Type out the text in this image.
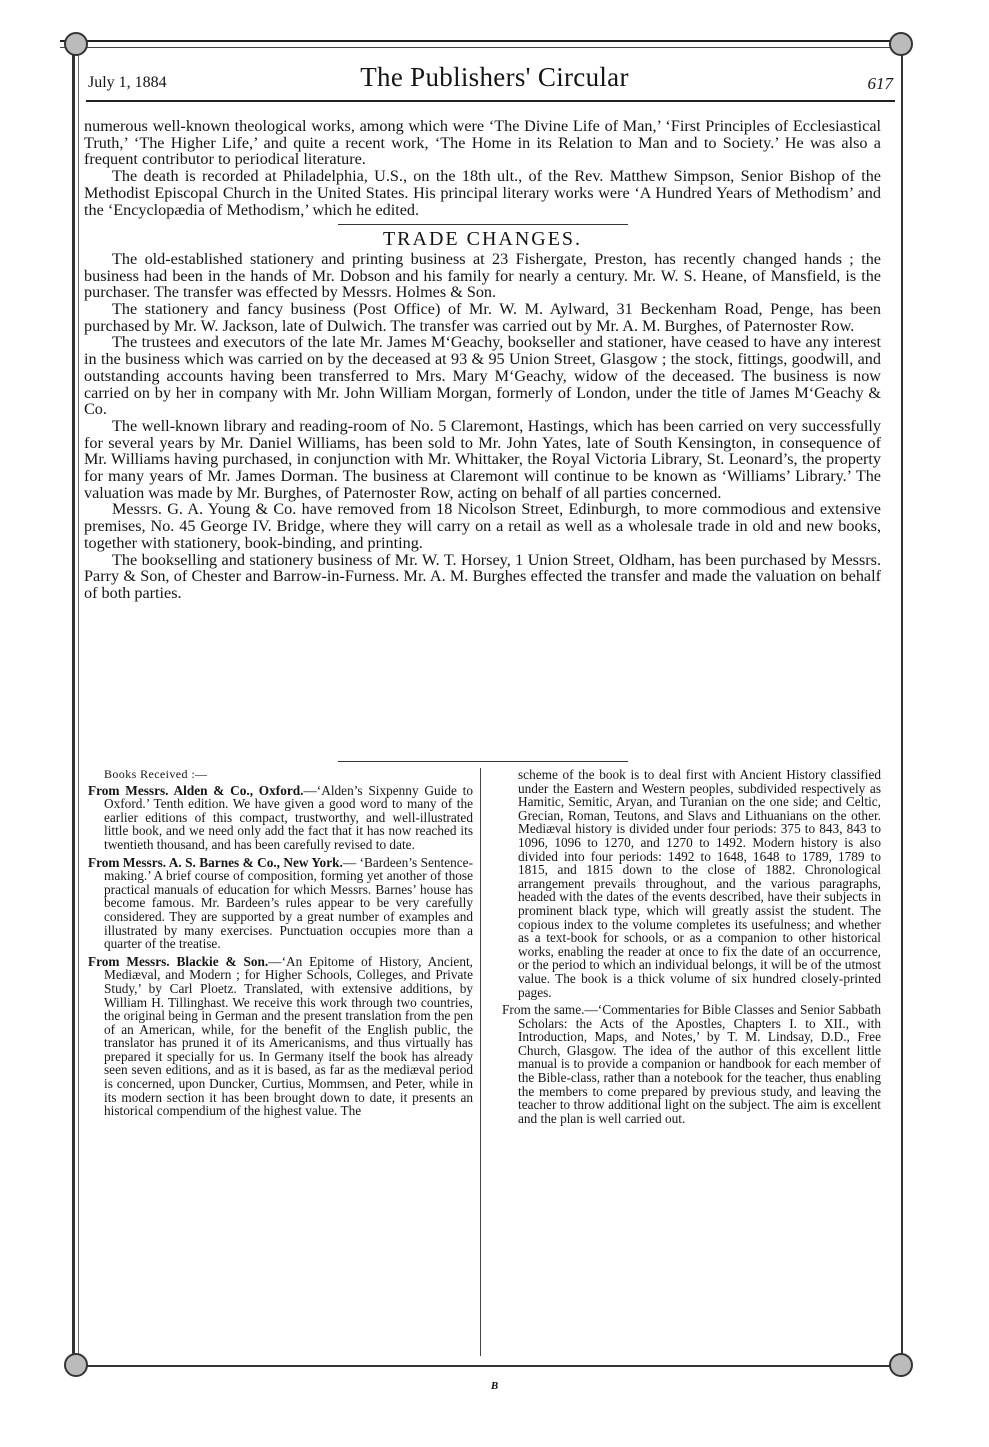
July 1, 1884	The Publishers' Circular	617

numerous well-known theological works, among which were ‘The Divine Life of Man,’ ‘First Principles of Ecclesiastical Truth,’ ‘The Higher Life,’ and quite a recent work, ‘The Home in its Relation to Man and to Society.’ He was also a frequent contributor to periodical literature.

The death is recorded at Philadelphia, U.S., on the 18th ult., of the Rev. Matthew Simpson, Senior Bishop of the Methodist Episcopal Church in the United States. His principal literary works were ‘A Hundred Years of Methodism’ and the ‘Encyclopædia of Methodism,’ which he edited.

TRADE CHANGES.

The old-established stationery and printing business at 23 Fishergate, Preston, has recently changed hands ; the business had been in the hands of Mr. Dobson and his family for nearly a century. Mr. W. S. Heane, of Mansfield, is the purchaser. The transfer was effected by Messrs. Holmes & Son.

The stationery and fancy business (Post Office) of Mr. W. M. Aylward, 31 Beckenham Road, Penge, has been purchased by Mr. W. Jackson, late of Dulwich. The transfer was carried out by Mr. A. M. Burghes, of Paternoster Row.

The trustees and executors of the late Mr. James M‘Geachy, bookseller and stationer, have ceased to have any interest in the business which was carried on by the deceased at 93 & 95 Union Street, Glasgow ; the stock, fittings, goodwill, and outstanding accounts having been transferred to Mrs. Mary M‘Geachy, widow of the deceased. The business is now carried on by her in company with Mr. John William Morgan, formerly of London, under the title of James M‘Geachy & Co.

The well-known library and reading-room of No. 5 Claremont, Hastings, which has been carried on very successfully for several years by Mr. Daniel Williams, has been sold to Mr. John Yates, late of South Kensington, in consequence of Mr. Williams having purchased, in conjunction with Mr. Whittaker, the Royal Victoria Library, St. Leonard’s, the property for many years of Mr. James Dorman. The business at Claremont will continue to be known as ‘Williams’ Library.’ The valuation was made by Mr. Burghes, of Paternoster Row, acting on behalf of all parties concerned.

Messrs. G. A. Young & Co. have removed from 18 Nicolson Street, Edinburgh, to more commodious and extensive premises, No. 45 George IV. Bridge, where they will carry on a retail as well as a wholesale trade in old and new books, together with stationery, book-binding, and printing.

The bookselling and stationery business of Mr. W. T. Horsey, 1 Union Street, Oldham, has been purchased by Messrs. Parry & Son, of Chester and Barrow-in-Furness. Mr. A. M. Burghes effected the transfer and made the valuation on behalf of both parties.

Books Received :—

From Messrs. Alden & Co., Oxford.—‘Alden’s Sixpenny Guide to Oxford.’ Tenth edition. We have given a good word to many of the earlier editions of this compact, trustworthy, and well-illustrated little book, and we need only add the fact that it has now reached its twentieth thousand, and has been carefully revised to date.

From Messrs. A. S. Barnes & Co., New York.— ‘Bardeen’s Sentence-making.’ A brief course of composition, forming yet another of those practical manuals of education for which Messrs. Barnes’ house has become famous. Mr. Bardeen’s rules appear to be very carefully considered. They are supported by a great number of examples and illustrated by many exercises. Punctuation occupies more than a quarter of the treatise.

From Messrs. Blackie & Son.—‘An Epitome of History, Ancient, Mediæval, and Modern ; for Higher Schools, Colleges, and Private Study,’ by Carl Ploetz. Translated, with extensive additions, by William H. Tillinghast. We receive this work through two countries, the original being in German and the present translation from the pen of an American, while, for the benefit of the English public, the translator has pruned it of its Americanisms, and thus virtually has prepared it specially for us. In Germany itself the book has already seen seven editions, and as it is based, as far as the mediæval period is concerned, upon Duncker, Curtius, Mommsen, and Peter, while in its modern section it has been brought down to date, it presents an historical compendium of the highest value. The

scheme of the book is to deal first with Ancient History classified under the Eastern and Western peoples, subdivided respectively as Hamitic, Semitic, Aryan, and Turanian on the one side; and Celtic, Grecian, Roman, Teutons, and Slavs and Lithuanians on the other. Mediæval history is divided under four periods: 375 to 843, 843 to 1096, 1096 to 1270, and 1270 to 1492. Modern history is also divided into four periods: 1492 to 1648, 1648 to 1789, 1789 to 1815, and 1815 down to the close of 1882. Chronological arrangement prevails throughout, and the various paragraphs, headed with the dates of the events described, have their subjects in prominent black type, which will greatly assist the student. The copious index to the volume completes its usefulness; and whether as a text-book for schools, or as a companion to other historical works, enabling the reader at once to fix the date of an occurrence, or the period to which an individual belongs, it will be of the utmost value. The book is a thick volume of six hundred closely-printed pages.

From the same.—‘Commentaries for Bible Classes and Senior Sabbath Scholars: the Acts of the Apostles, Chapters I. to XII., with Introduction, Maps, and Notes,’ by T. M. Lindsay, D.D., Free Church, Glasgow. The idea of the author of this excellent little manual is to provide a companion or handbook for each member of the Bible-class, rather than a notebook for the teacher, thus enabling the members to come prepared by previous study, and leaving the teacher to throw additional light on the subject. The aim is excellent and the plan is well carried out.

B
